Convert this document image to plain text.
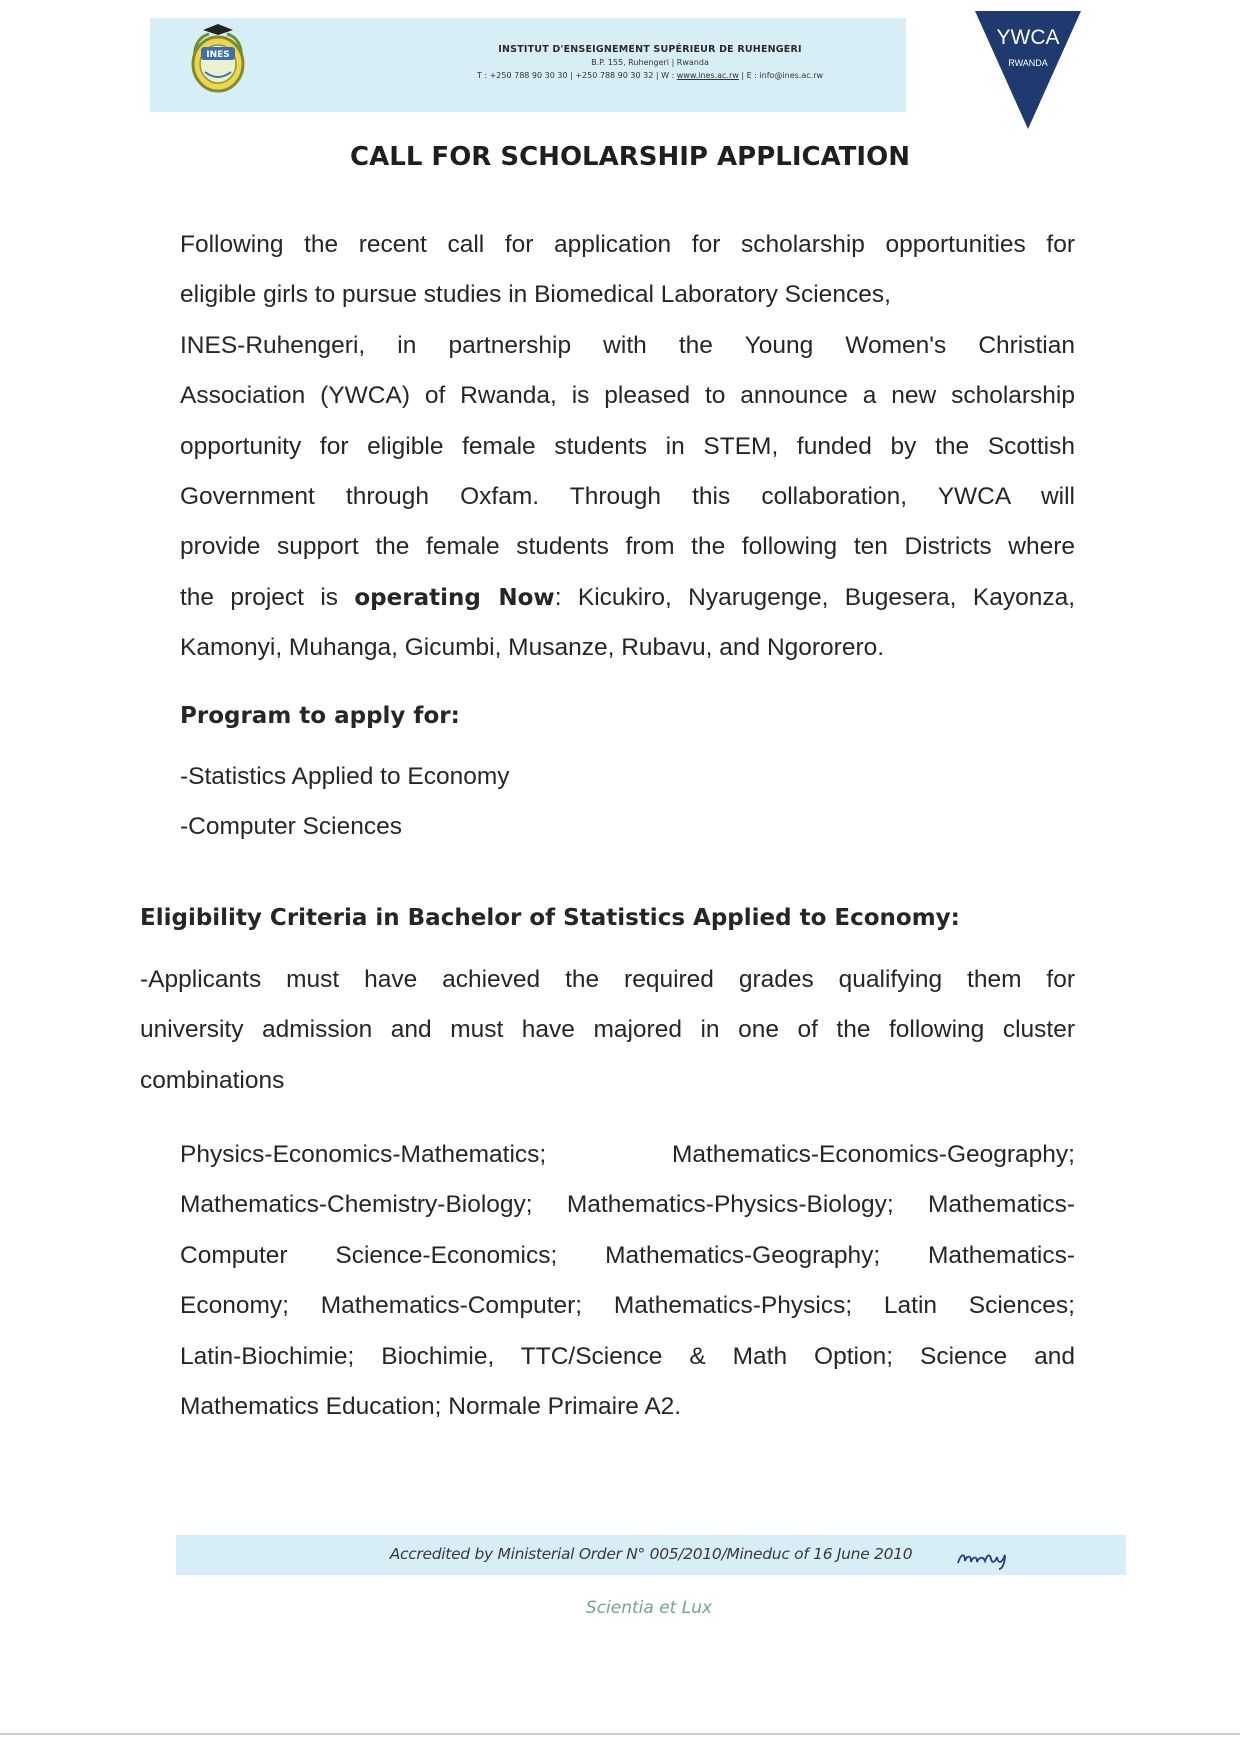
INES	INSTITUT D'ENSEIGNEMENT SUPÉRIEUR DE RUHENGERI
B.P. 155, Ruhengeri | Rwanda
T : +250 788 90 30 30 | +250 788 90 30 32 | W : www.ines.ac.rw | E : info@ines.ac.rw
YWCA
RWANDA
CALL FOR SCHOLARSHIP APPLICATION
Following the recent call for application for scholarship opportunities for
eligible girls to pursue studies in Biomedical Laboratory Sciences,
INES-Ruhengeri, in partnership with the Young Women's Christian
Association (YWCA) of Rwanda, is pleased to announce a new scholarship
opportunity for eligible female students in STEM, funded by the Scottish
Government through Oxfam. Through this collaboration, YWCA will
provide support the female students from the following ten Districts where
the project is operating Now: Kicukiro, Nyarugenge, Bugesera, Kayonza,
Kamonyi, Muhanga, Gicumbi, Musanze, Rubavu, and Ngororero.
Program to apply for:
-Statistics Applied to Economy
-Computer Sciences
Eligibility Criteria in Bachelor of Statistics Applied to Economy:
-Applicants must have achieved the required grades qualifying them for
university admission and must have majored in one of the following cluster
combinations
Physics-Economics-Mathematics;         Mathematics-Economics-Geography;
Mathematics-Chemistry-Biology; Mathematics-Physics-Biology; Mathematics-
Computer Science-Economics; Mathematics-Geography; Mathematics-
Economy; Mathematics-Computer; Mathematics-Physics; Latin Sciences;
Latin-Biochimie; Biochimie, TTC/Science & Math Option; Science and
Mathematics Education; Normale Primaire A2.
Accredited by Ministerial Order N° 005/2010/Mineduc of 16 June 2010
Scientia et Lux
